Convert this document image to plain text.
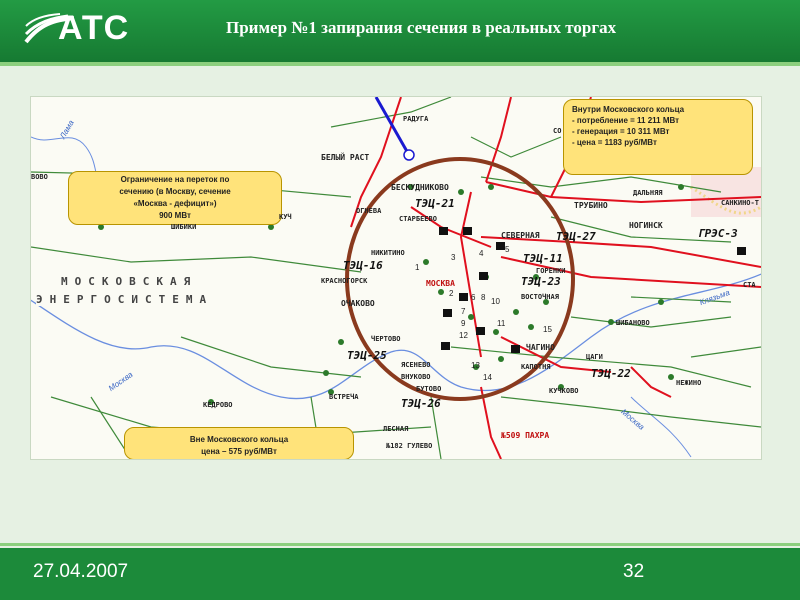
АТС	Пример №1 запирания сечения в реальных торгах
Ограничение на переток по
сечению (в Москву, сечение
«Москва - дефицит»)
900 МВт
Внутри Московского кольца
- потребление = 11 211 МВт
- генерация = 10 311 МВт
- цена = 1183 руб/МВт
Вне Московского кольца
цена – 575 руб/МВт
МОСКОВСКАЯ
ЭНЕРГОСИСТЕМА
РАДУГА
БЕЛЫЙ РАСТ
БЕСКУДНИКОВО
СТАРБЕЕВО
ОГНЕВА
НИКИТИНО
КРАСНОГОРСК
ОЧАКОВО
ЧЕРТОВО
ЯСЕНЕВО
ВНУКОВО
БУТОВО
ВСТРЕЧА
ЛЕСНАЯ
№182 ГУЛЕВО
КЕДРОВО
МОСКВА
СЕВЕРНАЯ
ГОРЕНКИ
ВОСТОЧНАЯ
ЧАГИНО
КАПОТНЯ
ЦАГИ
КУЧКОВО
ТРУБИНО
НОГИНСК
ДАЛЬНЯЯ
ШИБАНОВО
НЕЖИНО
№509 ПАХРА
ВОВО
ШИБИКИ
КУЧ
САНКИНО-Т
СТА
СО
ТЭЦ-21
ТЭЦ-16
ТЭЦ-27
ТЭЦ-11
ТЭЦ-23
ТЭЦ-25
ТЭЦ-22
ТЭЦ-26
ГРЭС-3
Лама
Москва
Москва
Клязьма
1
2
3	4	5
6
7
8
9
10
11
12
13
14
15
27.04.2007	32
